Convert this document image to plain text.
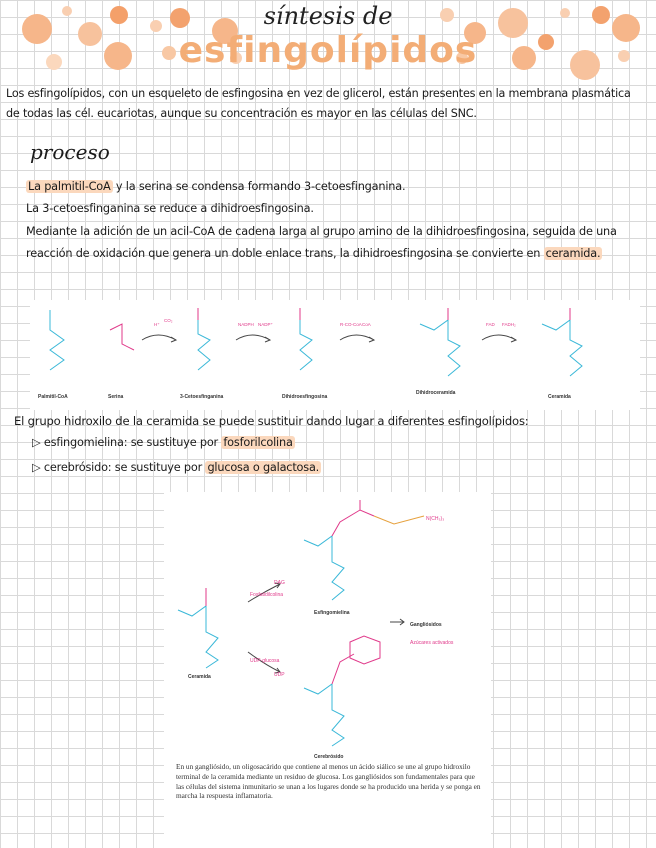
síntesis de
esfingolípidos
Los esfingolípidos, con un esqueleto de esfingosina en vez de glicerol, están presentes en la membrana plasmática de todas las cél. eucariotas, aunque su concentración es mayor en las células del SNC.
proceso
La palmitil-CoA y la serina se condensa formando 3-cetoesfinganina.
La 3-cetoesfinganina se reduce a dihidroesfingosina.
Mediante la adición de un acil-CoA de cadena larga al grupo amino de la dihidroesfingosina, seguida de una reacción de oxidación que genera un doble enlace trans, la dihidroesfingosina se convierte en ceramida.
H⁺
CO₂
NADPH NADP⁺	R-CO-CoA CoA	FAD FADH₂
Palmitil-CoA	Serina	3-Cetoesfinganina	Dihidroesfingosina
Dihidroceramida
Ceramida
El grupo hidroxilo de la ceramida se puede sustituir dando lugar a diferentes esfingolípidos:
▷ esfingomielina: se sustituye por fosforilcolina
▷ cerebrósido: se sustituye por glucosa o galactosa.
Fosfatidilcolina
DAG
UDP-glucosa
UDP
Azúcares activados
N(CH₃)₃
Ceramida
Esfingomielina
Cerebrósido
Gangliósidos
En un gangliósido, un oligosacárido que contiene al menos un ácido siálico se une al grupo hidroxilo terminal de la ceramida mediante un residuo de glucosa. Los gangliósidos son fundamentales para que las células del sistema inmunitario se unan a los lugares donde se ha producido una herida y se ponga en marcha la respuesta inflamatoria.
